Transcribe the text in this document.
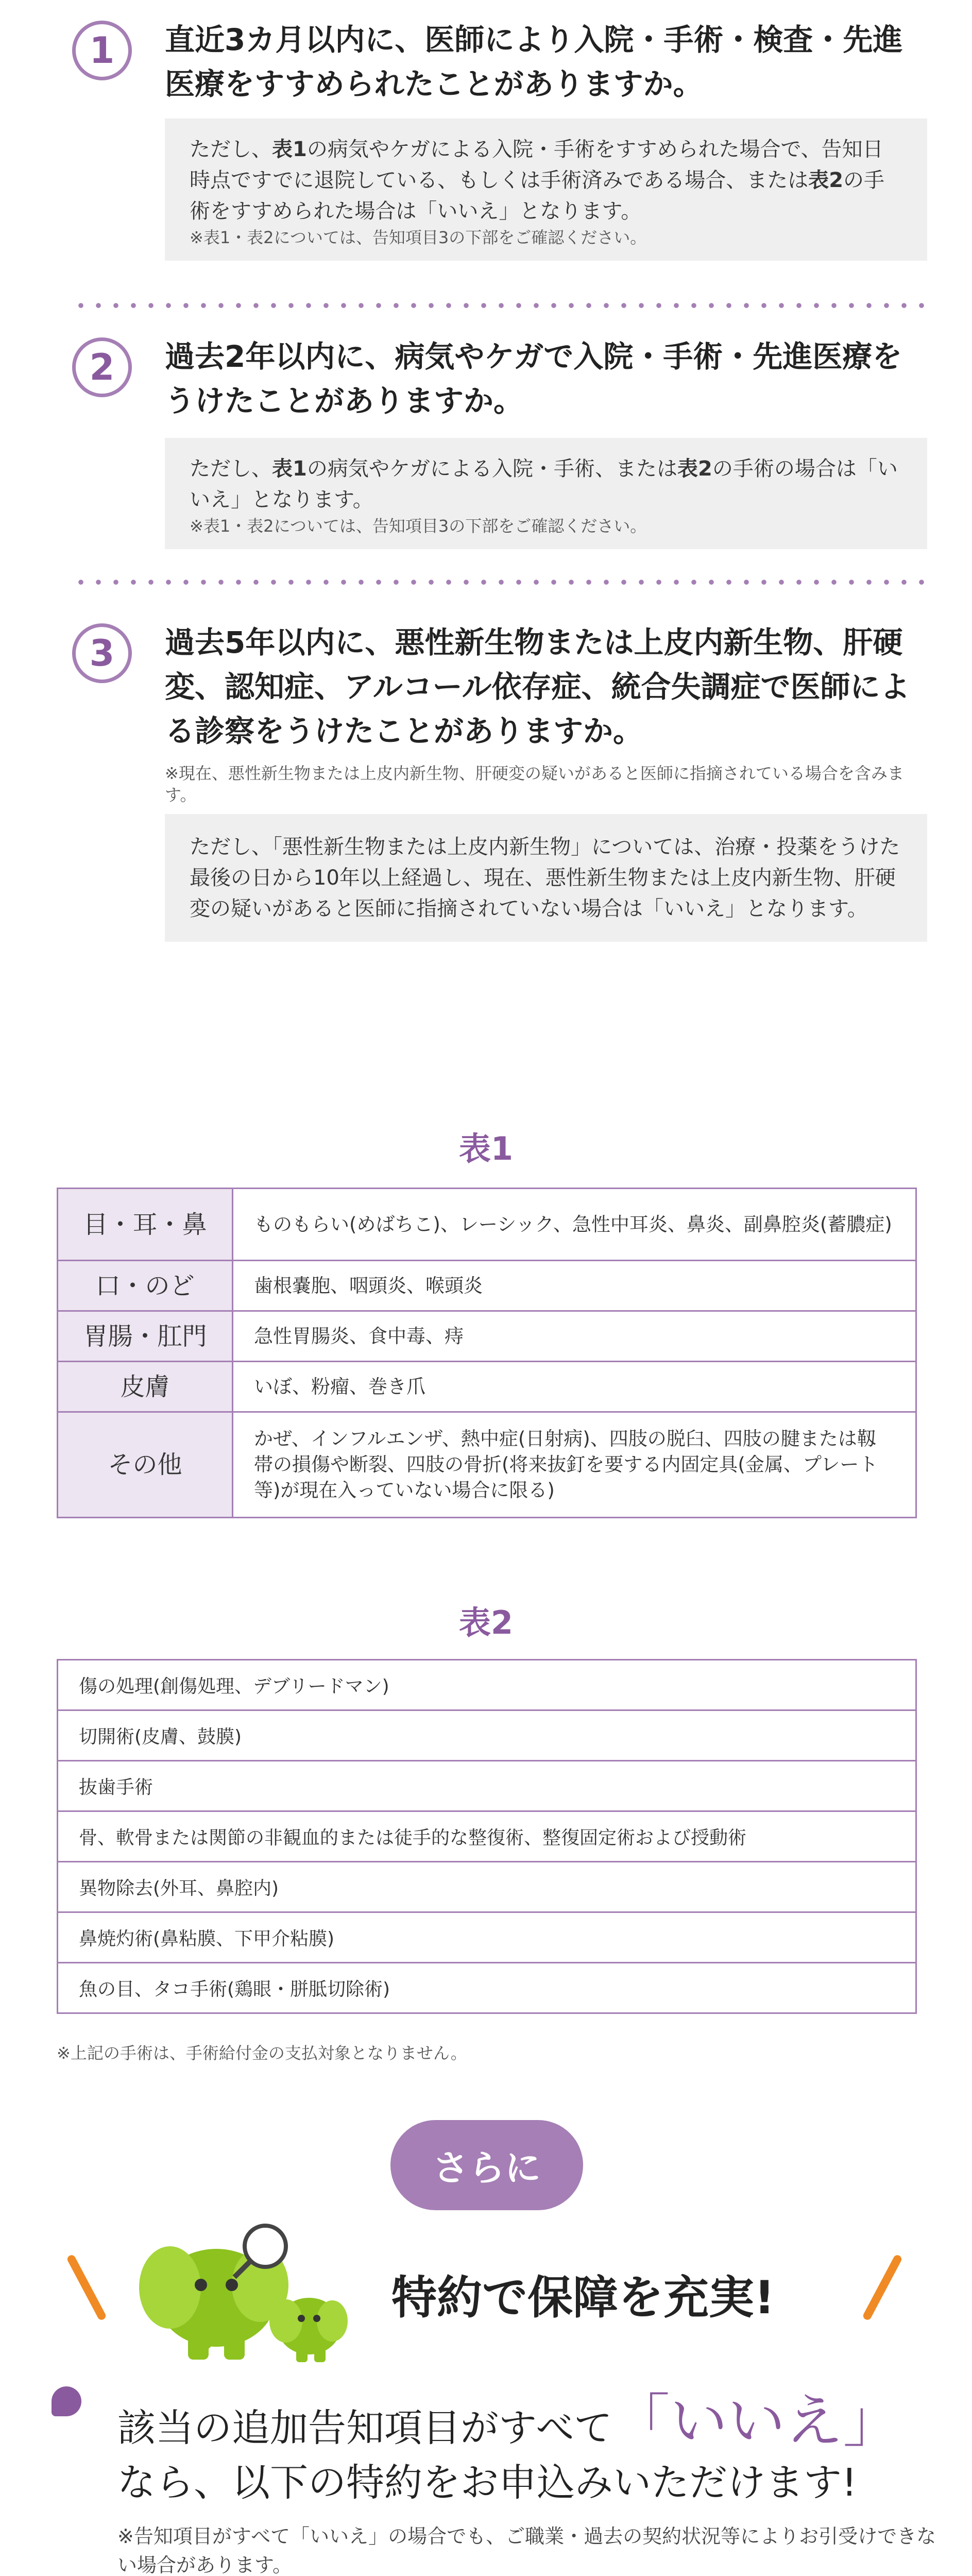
1	直近3カ月以内に、医師により入院・手術・検査・先進医療をすすめられたことがありますか。
ただし、表1の病気やケガによる入院・手術をすすめられた場合で、告知日時点ですでに退院している、もしくは手術済みである場合、または表2の手術をすすめられた場合は「いいえ」となります。
※表1・表2については、告知項目3の下部をご確認ください。
2	過去2年以内に、病気やケガで入院・手術・先進医療をうけたことがありますか。
ただし、表1の病気やケガによる入院・手術、または表2の手術の場合は「いいえ」となります。
※表1・表2については、告知項目3の下部をご確認ください。
3	過去5年以内に、悪性新生物または上皮内新生物、肝硬変、認知症、アルコール依存症、統合失調症で医師による診察をうけたことがありますか。
※現在、悪性新生物または上皮内新生物、肝硬変の疑いがあると医師に指摘されている場合を含みます。
ただし、「悪性新生物または上皮内新生物」については、治療・投薬をうけた最後の日から10年以上経過し、現在、悪性新生物または上皮内新生物、肝硬変の疑いがあると医師に指摘されていない場合は「いいえ」となります。
表1
目・耳・鼻	ものもらい(めばちこ)、レーシック、急性中耳炎、鼻炎、副鼻腔炎(蓄膿症)
口・のど	歯根嚢胞、咽頭炎、喉頭炎
胃腸・肛門	急性胃腸炎、食中毒、痔
皮膚	いぼ、粉瘤、巻き爪
その他	かぜ、インフルエンザ、熱中症(日射病)、四肢の脱臼、四肢の腱または靱帯の損傷や断裂、四肢の骨折(将来抜釘を要する内固定具(金属、プレート等)が現在入っていない場合に限る)
表2
傷の処理(創傷処理、デブリードマン)
切開術(皮膚、鼓膜)
抜歯手術
骨、軟骨または関節の非観血的または徒手的な整復術、整復固定術および授動術
異物除去(外耳、鼻腔内)
鼻焼灼術(鼻粘膜、下甲介粘膜)
魚の目、タコ手術(鶏眼・胼胝切除術)
※上記の手術は、手術給付金の支払対象となりません。
さらに
特約で保障を充実!
該当の追加告知項目がすべて「いいえ」
なら、以下の特約をお申込みいただけます!
※告知項目がすべて「いいえ」の場合でも、ご職業・過去の契約状況等によりお引受けできない場合があります。
